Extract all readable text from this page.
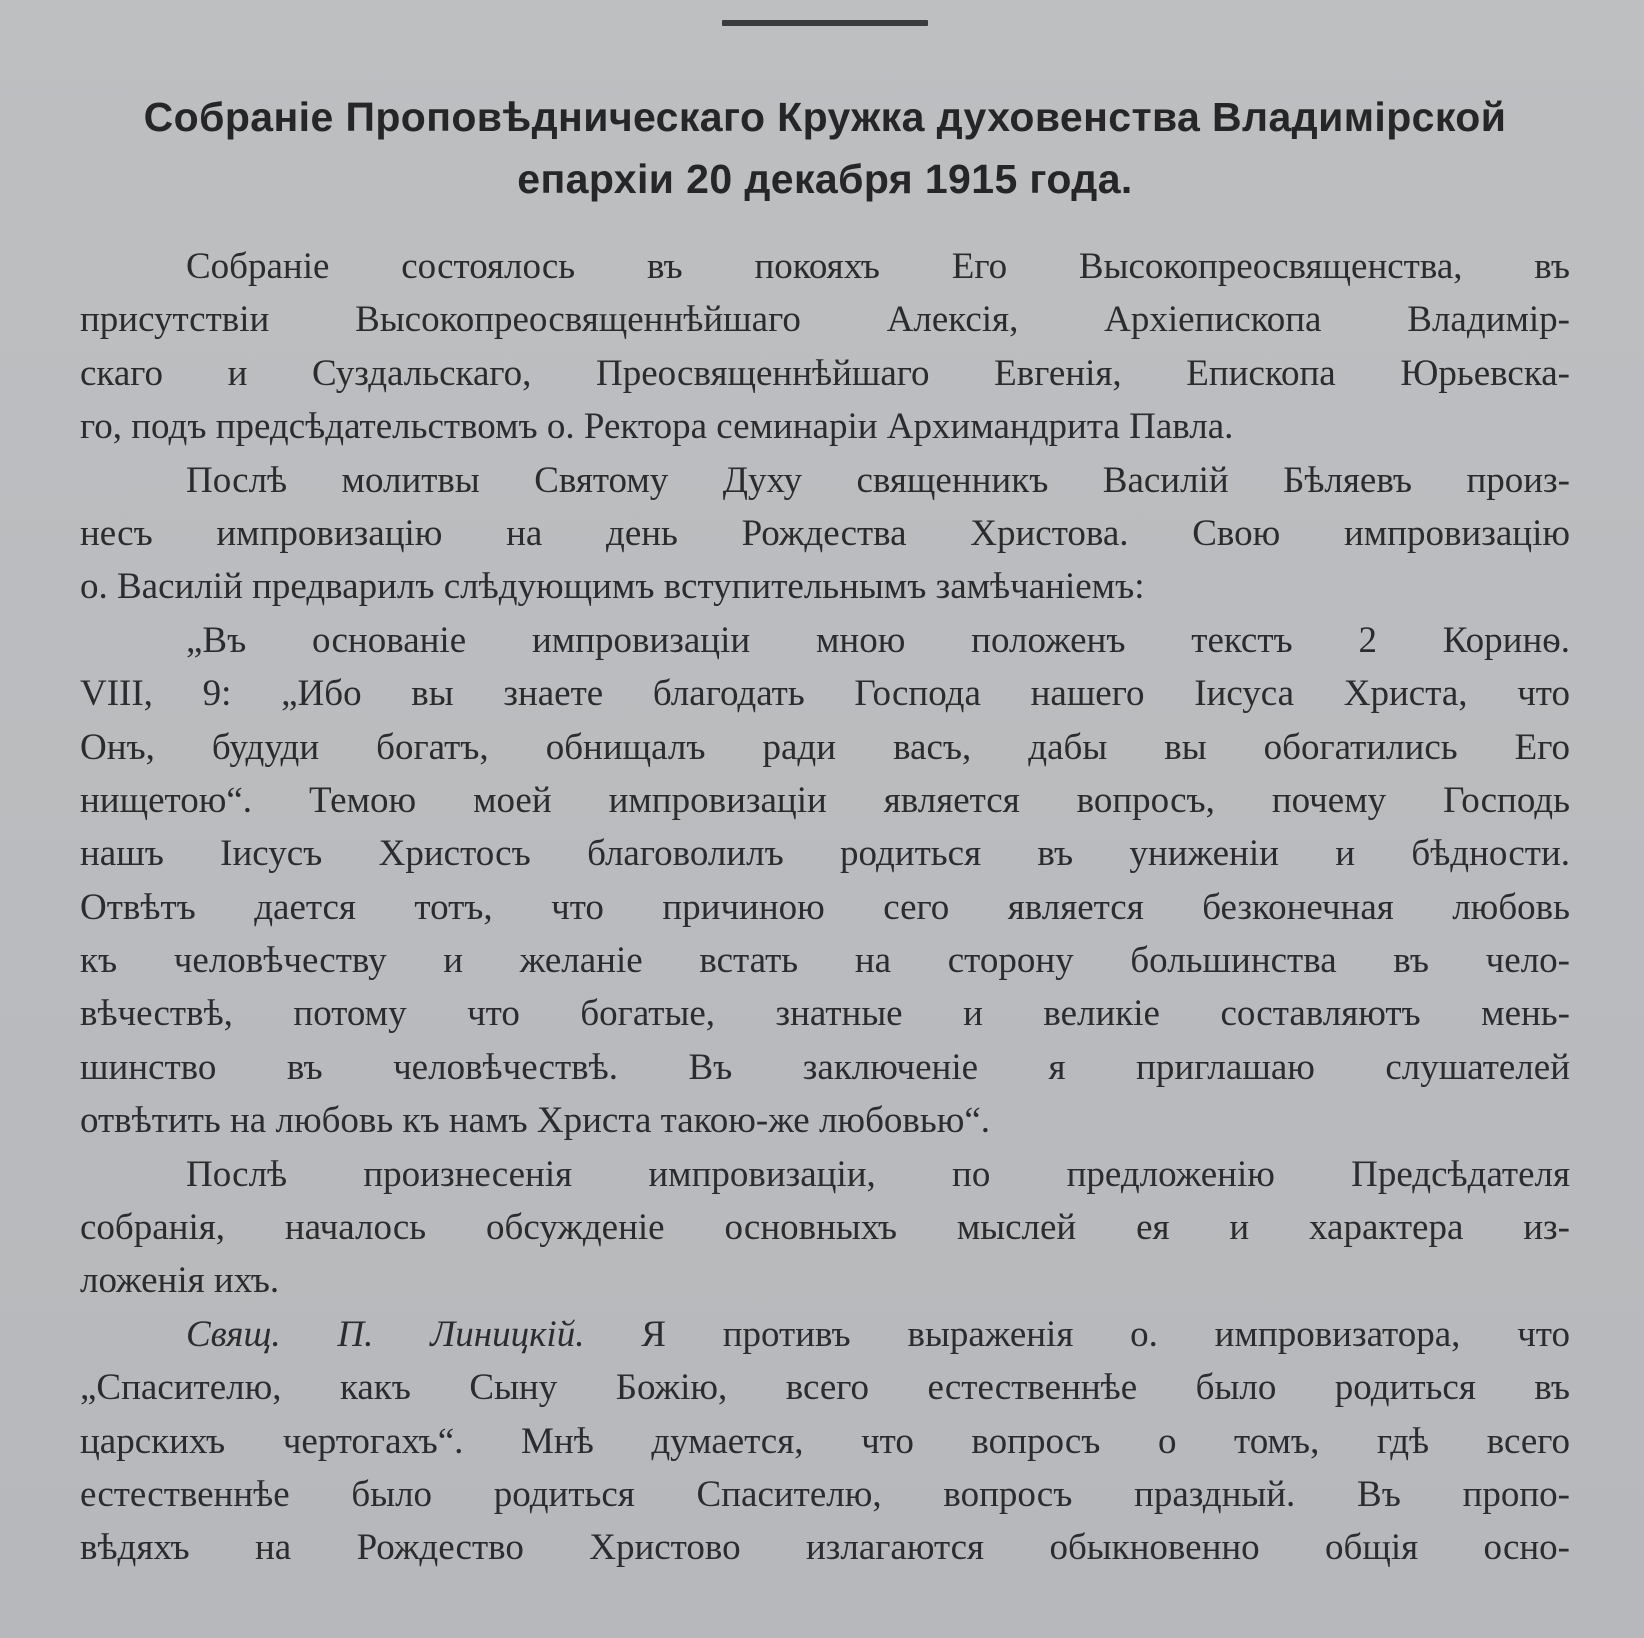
Собраніе Проповѣдническаго Кружка духовенства Владимірской
епархіи 20 декабря 1915 года.
Собраніе состоялось въ покояхъ Его Высокопреосвященства, въ
присутствіи Высокопреосвященнѣйшаго Алексія, Архіепископа Владимір-
скаго и Суздальскаго, Преосвященнѣйшаго Евгенія, Епископа Юрьевска-
го, подъ предсѣдательствомъ о. Ректора семинаріи Архимандрита Павла.
Послѣ молитвы Святому Духу священникъ Василій Бѣляевъ произ-
несъ импровизацію на день Рождества Христова. Свою импровизацію
о. Василій предварилъ слѣдующимъ вступительнымъ замѣчаніемъ:
„Въ основаніе импровизаціи мною положенъ текстъ 2 Коринѳ.
VIII, 9: „Ибо вы знаете благодать Господа нашего Іисуса Христа, что
Онъ, будуди богатъ, обнищалъ ради васъ, дабы вы обогатились Его
нищетою“. Темою моей импровизаціи является вопросъ, почему Господь
нашъ Іисусъ Христосъ благоволилъ родиться въ униженіи и бѣдности.
Отвѣтъ дается тотъ, что причиною сего является безконечная любовь
къ человѣчеству и желаніе встать на сторону большинства въ чело-
вѣчествѣ, потому что богатые, знатные и великіе составляютъ мень-
шинство въ человѣчествѣ. Въ заключеніе я приглашаю слушателей
отвѣтить на любовь къ намъ Христа такою-же любовью“.
Послѣ произнесенія импровизаціи, по предложенію Предсѣдателя
собранія, началось обсужденіе основныхъ мыслей ея и характера из-
ложенія ихъ.
Свящ. П. Линицкій. Я противъ выраженія о. импровизатора, что
„Спасителю, какъ Сыну Божію, всего естественнѣе было родиться въ
царскихъ чертогахъ“. Мнѣ думается, что вопросъ о томъ, гдѣ всего
естественнѣе было родиться Спасителю, вопросъ праздный. Въ пропо-
вѣдяхъ на Рождество Христово излагаются обыкновенно общія осно-
